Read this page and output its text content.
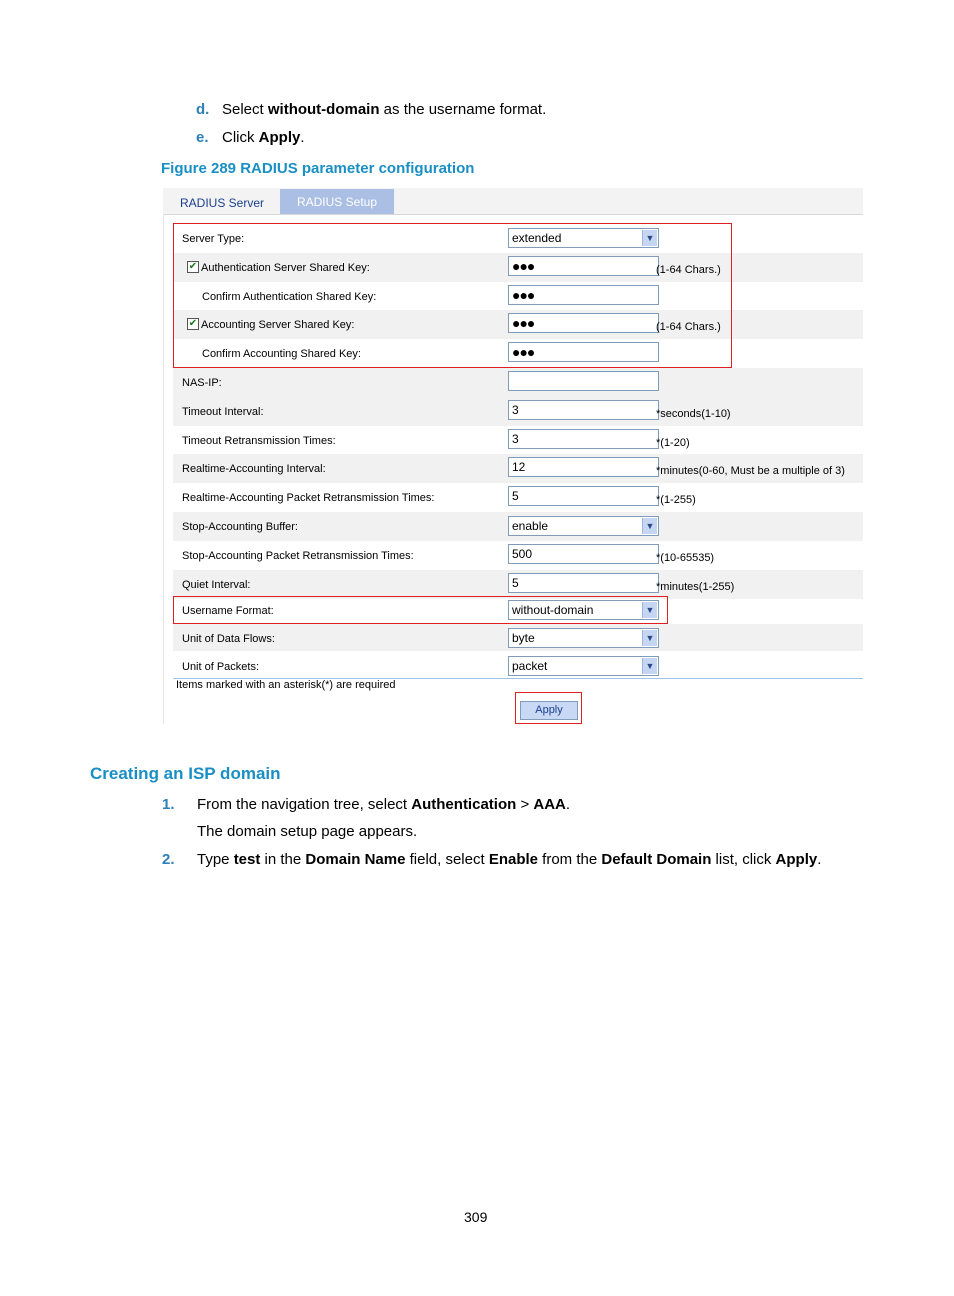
d. Select without-domain as the username format.
e. Click Apply.
Figure 289 RADIUS parameter configuration
RADIUS Server	RADIUS Setup
Server Type:	extended	▼
✔ Authentication Server Shared Key:	●●●	(1-64 Chars.)
Confirm Authentication Shared Key:	●●●
✔ Accounting Server Shared Key:	●●●	(1-64 Chars.)
Confirm Accounting Shared Key:	●●●
NAS-IP:
Timeout Interval:	3	*seconds(1-10)
Timeout Retransmission Times:	3	*(1-20)
Realtime-Accounting Interval:	12	*minutes(0-60, Must be a multiple of 3)
Realtime-Accounting Packet Retransmission Times:	5	*(1-255)
Stop-Accounting Buffer:	enable	▼
Stop-Accounting Packet Retransmission Times:	500	*(10-65535)
Quiet Interval:	5	*minutes(1-255)
Username Format:	without-domain	▼
Unit of Data Flows:	byte	▼
Unit of Packets:	packet	▼
Items marked with an asterisk(*) are required
Apply
Creating an ISP domain
1. From the navigation tree, select Authentication > AAA.
The domain setup page appears.
2. Type test in the Domain Name field, select Enable from the Default Domain list, click Apply.
309
